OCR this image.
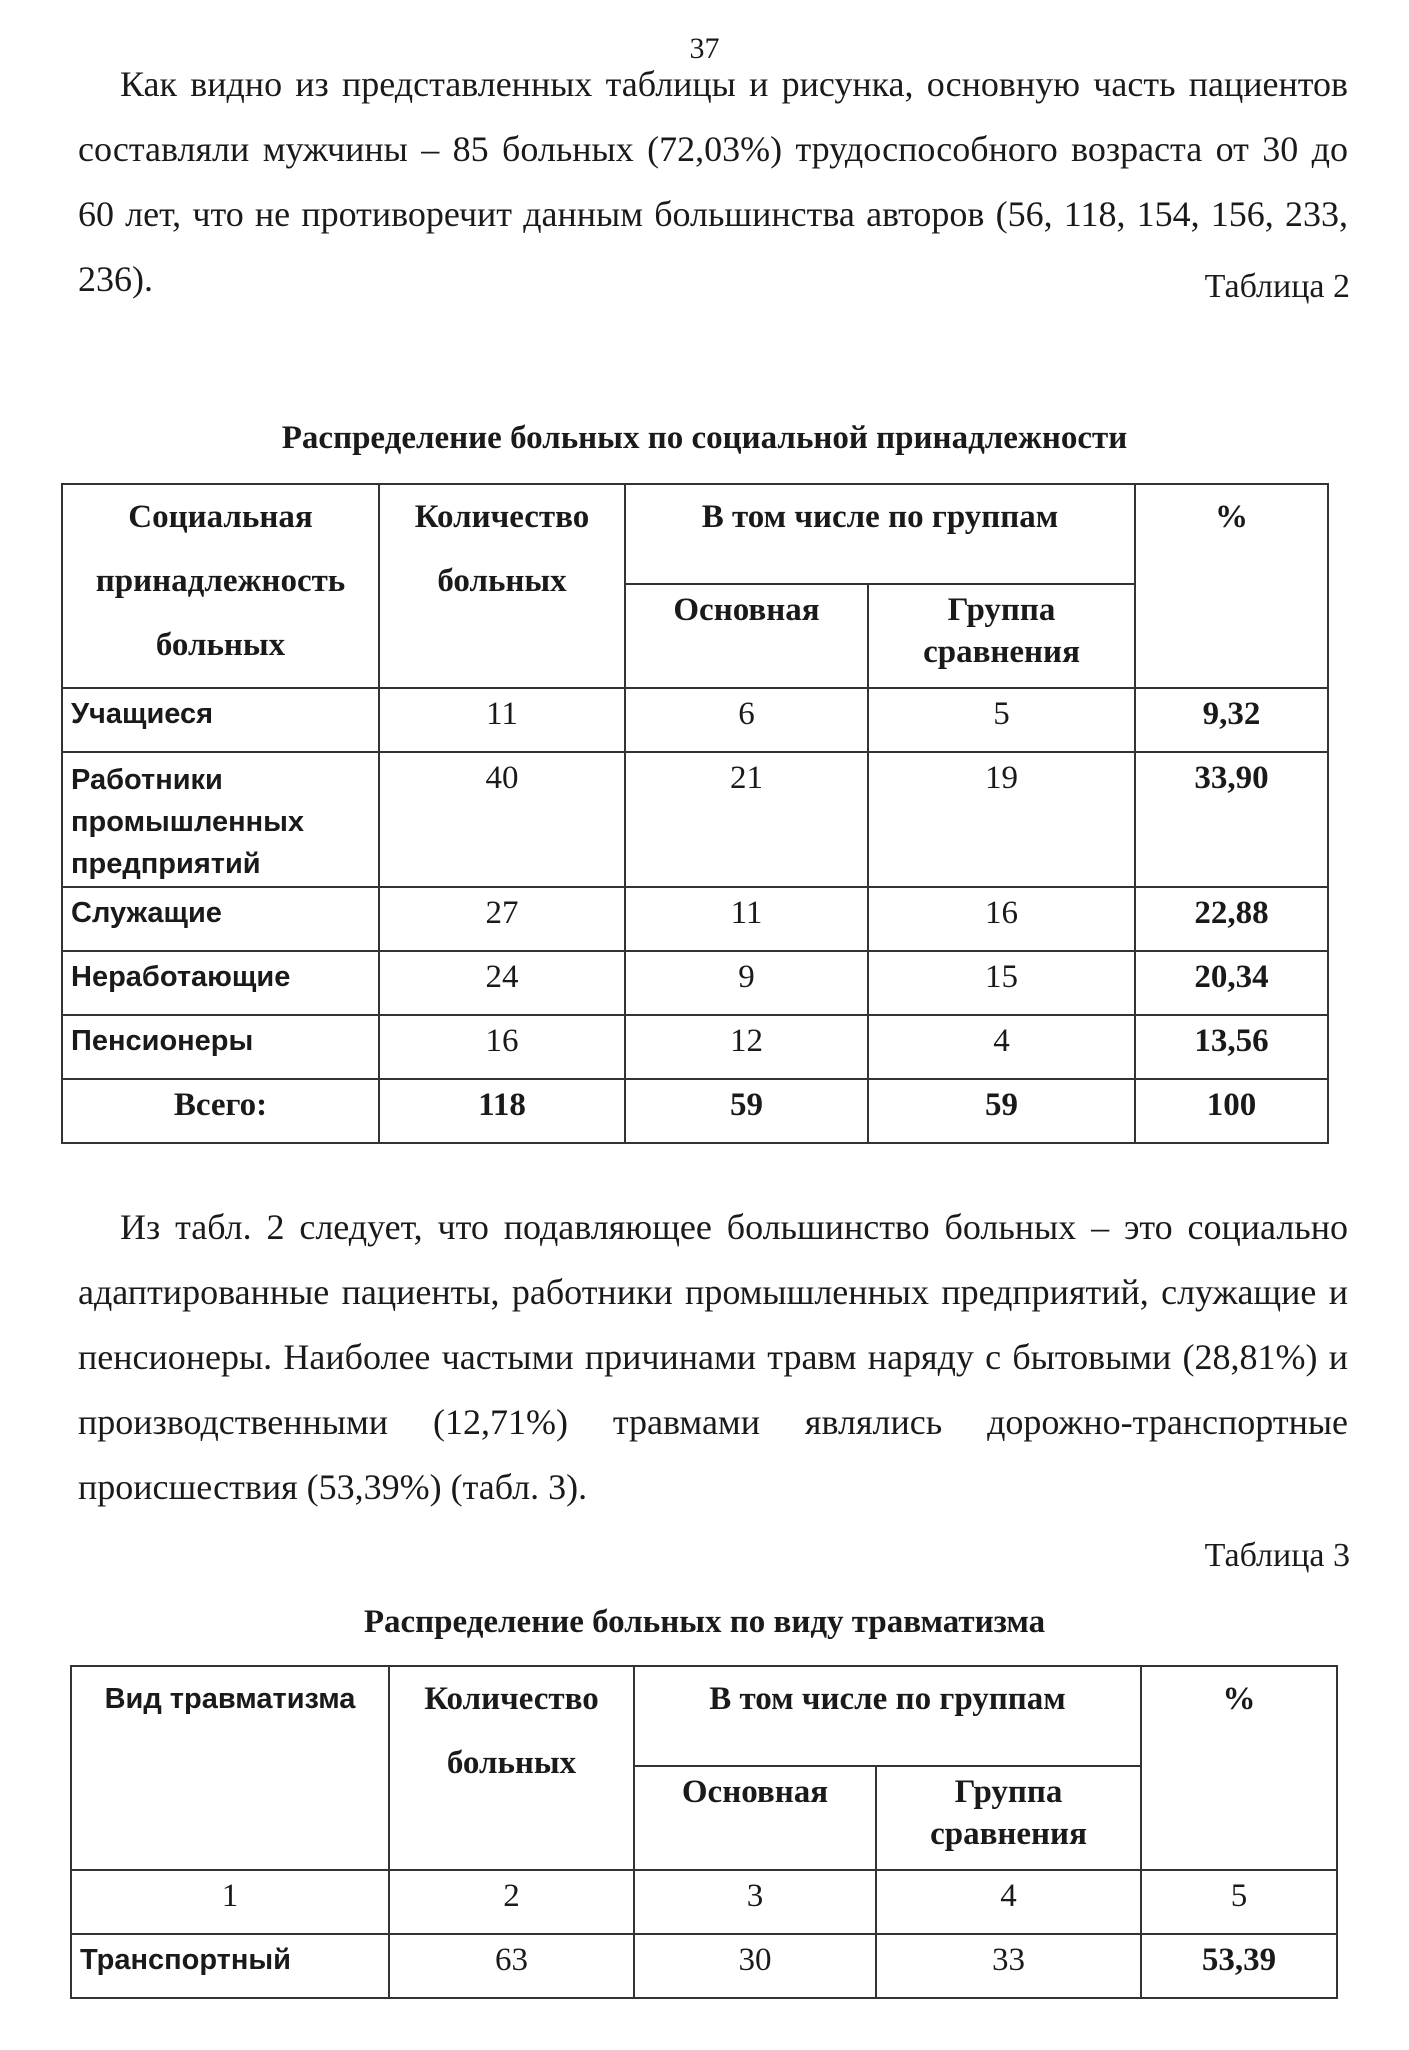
37

Как видно из представленных таблицы и рисунка, основную часть пациентов составляли мужчины – 85 больных (72,03%) трудоспособного возраста от 30 до 60 лет, что не противоречит данным большинства авторов (56, 118, 154, 156, 233, 236).	Таблица 2
Распределение больных по социальной принадлежности
Социальная принадлежность больных	Количество больных	В том числе по группам		%
		Основная	Группа сравнения	
Учащиеся	11	6	5	9,32
Работники промышленных предприятий	40	21	19	33,90
Служащие	27	11	16	22,88
Неработающие	24	9	15	20,34
Пенсионеры	16	12	4	13,56
Всего:	118	59	59	100

Из табл. 2 следует, что подавляющее большинство больных – это социально адаптированные пациенты, работники промышленных предприятий, служащие и пенсионеры. Наиболее частыми причинами травм наряду с бытовыми (28,81%) и производственными (12,71%) травмами являлись дорожно-транспортные происшествия (53,39%) (табл. 3).

Таблица 3
Распределение больных по виду травматизма
Вид травматизма	Количество больных	В том числе по группам		%
		Основная	Группа сравнения	
1	2	3	4	5
Транспортный	63	30	33	53,39
